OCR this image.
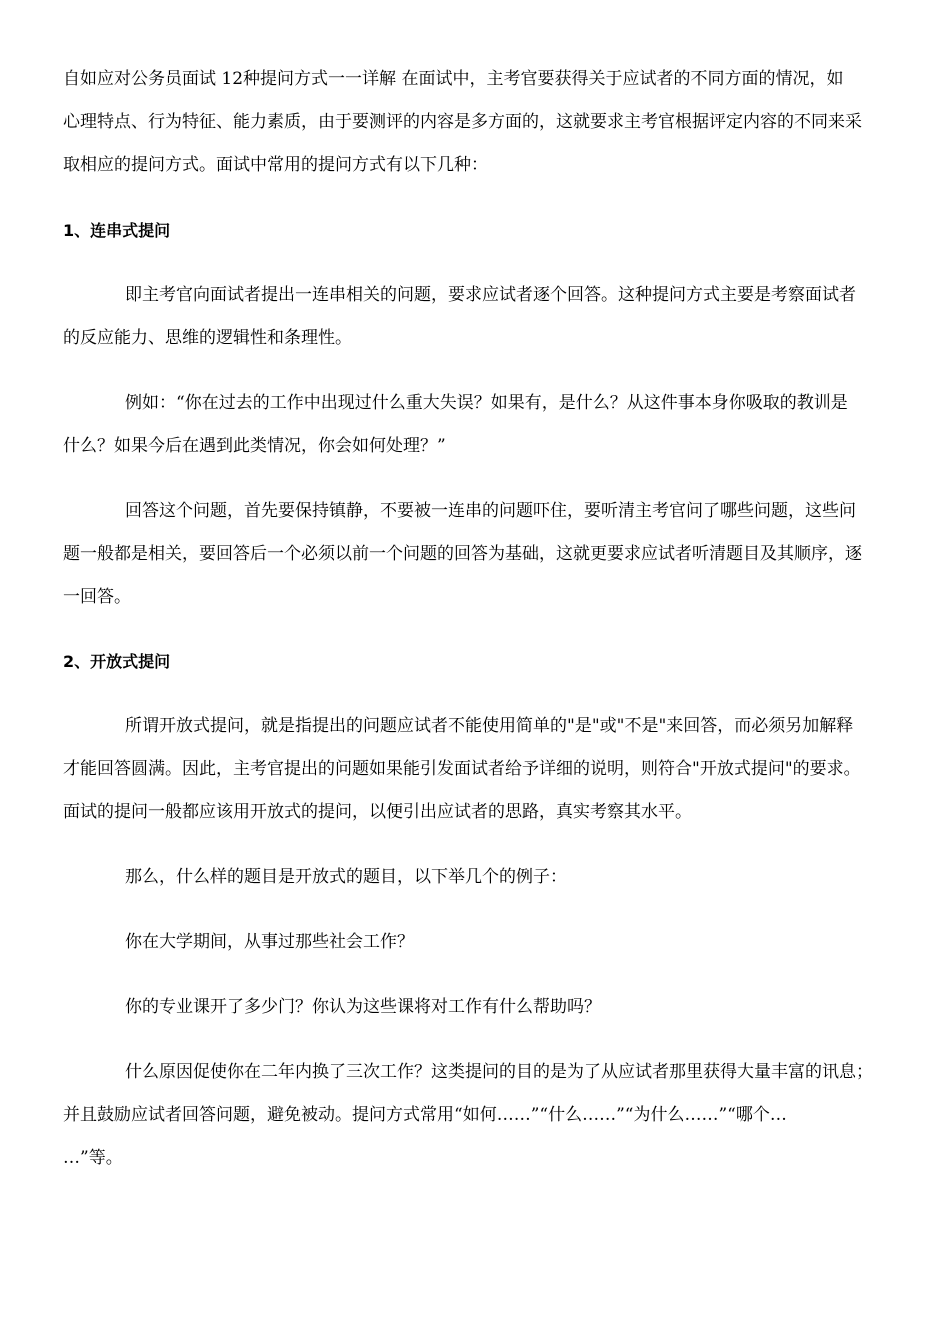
自如应对公务员面试 12种提问方式一一详解 在面试中，主考官要获得关于应试者的不同方面的情况，如
心理特点、行为特征、能力素质，由于要测评的内容是多方面的，这就要求主考官根据评定内容的不同来采
取相应的提问方式。面试中常用的提问方式有以下几种：

1、连串式提问

即主考官向面试者提出一连串相关的问题，要求应试者逐个回答。这种提问方式主要是考察面试者
的反应能力、思维的逻辑性和条理性。

例如：“你在过去的工作中出现过什么重大失误？如果有，是什么？从这件事本身你吸取的教训是
什么？如果今后在遇到此类情况，你会如何处理？”

回答这个问题，首先要保持镇静，不要被一连串的问题吓住，要听清主考官问了哪些问题，这些问
题一般都是相关，要回答后一个必须以前一个问题的回答为基础，这就更要求应试者听清题目及其顺序，逐
一回答。

2、开放式提问

所谓开放式提问，就是指提出的问题应试者不能使用简单的"是"或"不是"来回答，而必须另加解释
才能回答圆满。因此，主考官提出的问题如果能引发面试者给予详细的说明，则符合"开放式提问"的要求。
面试的提问一般都应该用开放式的提问，以便引出应试者的思路，真实考察其水平。

那么，什么样的题目是开放式的题目，以下举几个的例子：

你在大学期间，从事过那些社会工作？

你的专业课开了多少门？你认为这些课将对工作有什么帮助吗？

什么原因促使你在二年内换了三次工作？这类提问的目的是为了从应试者那里获得大量丰富的讯息；
并且鼓励应试者回答问题，避免被动。提问方式常用“如何……”“什么……”“为什么……”“哪个…
…”等。
